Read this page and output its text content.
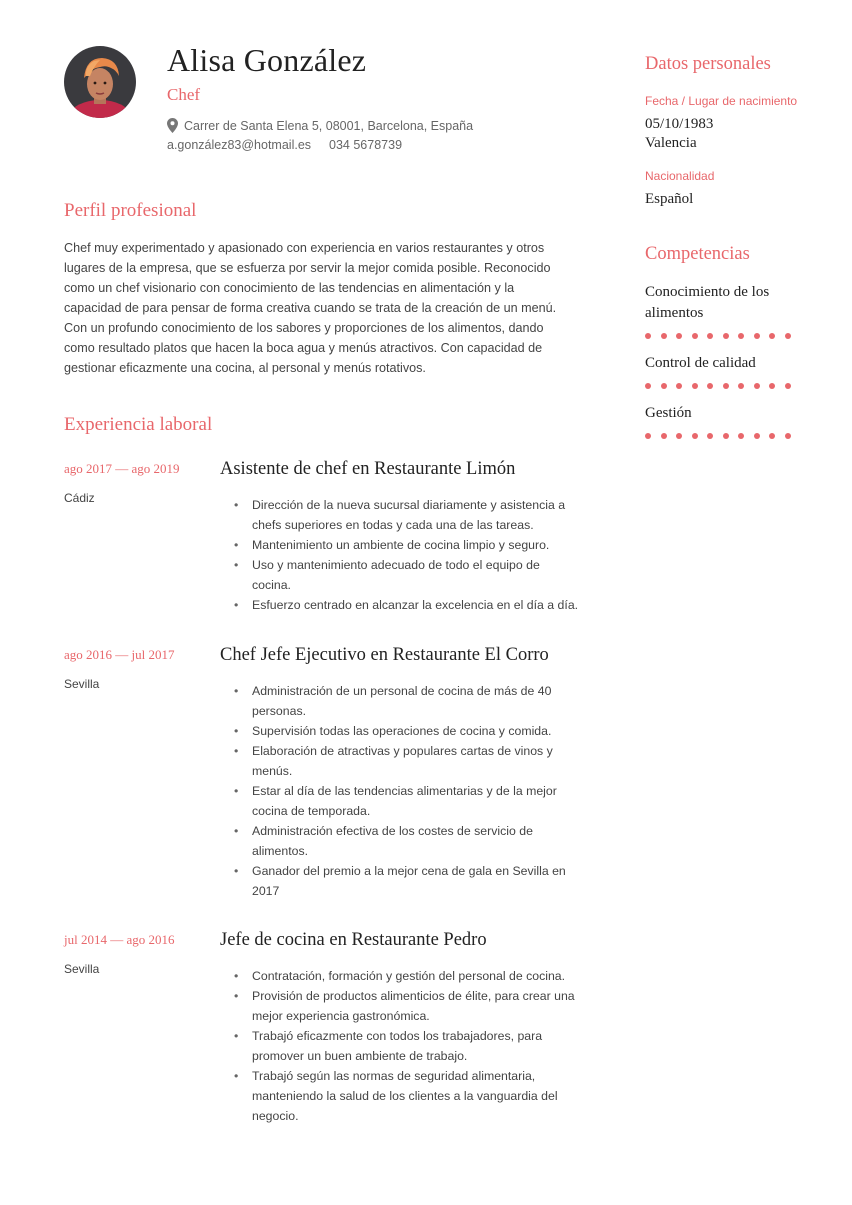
Alisa González
Chef
Carrer de Santa Elena 5, 08001, Barcelona, España
a.gonzález83@hotmail.es 034 5678739
Perfil profesional

Chef muy experimentado y apasionado con experiencia en varios restaurantes y otros lugares de la empresa, que se esfuerza por servir la mejor comida posible. Reconocido como un chef visionario con conocimiento de las tendencias en alimentación y la capacidad de para pensar de forma creativa cuando se trata de la creación de un menú. Con un profundo conocimiento de los sabores y proporciones de los alimentos, dando como resultado platos que hacen la boca agua y menús atractivos. Con capacidad de gestionar eficazmente una cocina, al personal y menús rotativos.

Experiencia laboral
ago 2017 — ago 2019
Cádiz
Asistente de chef en Restaurante Limón
• Dirección de la nueva sucursal diariamente y asistencia a chefs superiores en todas y cada una de las tareas.
• Mantenimiento un ambiente de cocina limpio y seguro.
• Uso y mantenimiento adecuado de todo el equipo de cocina.
• Esfuerzo centrado en alcanzar la excelencia en el día a día.
ago 2016 — jul 2017
Sevilla
Chef Jefe Ejecutivo en Restaurante El Corro
• Administración de un personal de cocina de más de 40 personas.
• Supervisión todas las operaciones de cocina y comida.
• Elaboración de atractivas y populares cartas de vinos y menús.
• Estar al día de las tendencias alimentarias y de la mejor cocina de temporada.
• Administración efectiva de los costes de servicio de alimentos.
• Ganador del premio a la mejor cena de gala en Sevilla en 2017
jul 2014 — ago 2016
Sevilla
Jefe de cocina en Restaurante Pedro
• Contratación, formación y gestión del personal de cocina.
• Provisión de productos alimenticios de élite, para crear una mejor experiencia gastronómica.
• Trabajó eficazmente con todos los trabajadores, para promover un buen ambiente de trabajo.
• Trabajó según las normas de seguridad alimentaria, manteniendo la salud de los clientes a la vanguardia del negocio.
Datos personales
Fecha / Lugar de nacimiento
05/10/1983
Valencia
Nacionalidad
Español
Competencias
Conocimiento de los alimentos
Control de calidad
Gestión
